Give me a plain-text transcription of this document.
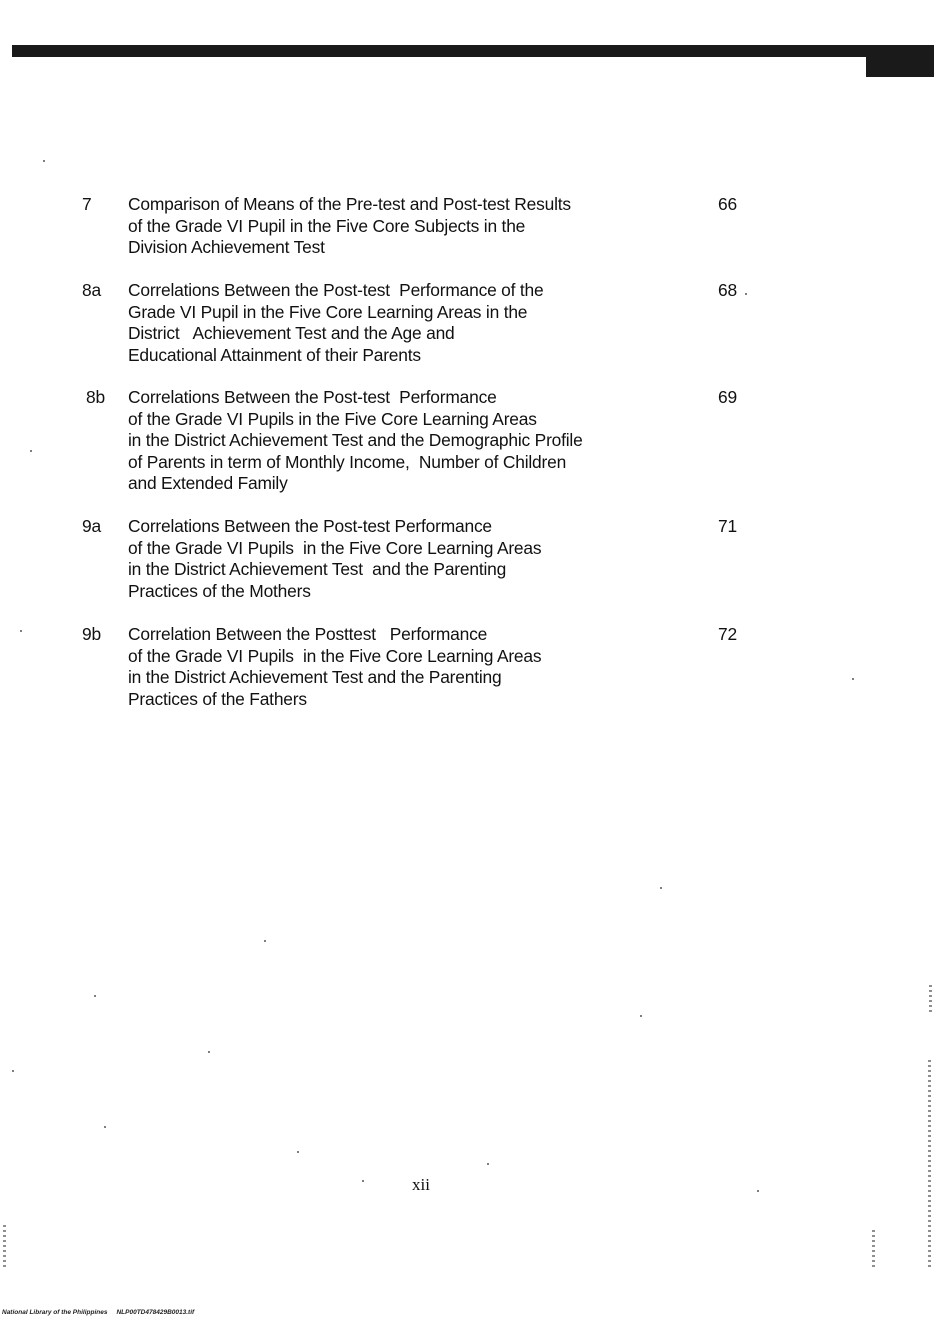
7 Comparison of Means of the Pre-test and Post-test Results
of the Grade VI Pupil in the Five Core Subjects in the
Division Achievement Test
66
8a Correlations Between the Post-test  Performance of the
Grade VI Pupil in the Five Core Learning Areas in the
District   Achievement Test and the Age and
Educational Attainment of their Parents
68
8b Correlations Between the Post-test  Performance
of the Grade VI Pupils in the Five Core Learning Areas
in the District Achievement Test and the Demographic Profile
of Parents in term of Monthly Income,  Number of Children
and Extended Family
69
9a Correlations Between the Post-test Performance
of the Grade VI Pupils  in the Five Core Learning Areas
in the District Achievement Test  and the Parenting
Practices of the Mothers
71
9b Correlation Between the Posttest   Performance
of the Grade VI Pupils  in the Five Core Learning Areas
in the District Achievement Test and the Parenting
Practices of the Fathers
72
xii
National Library of the Philippines     NLP00TD478429B0013.tif
